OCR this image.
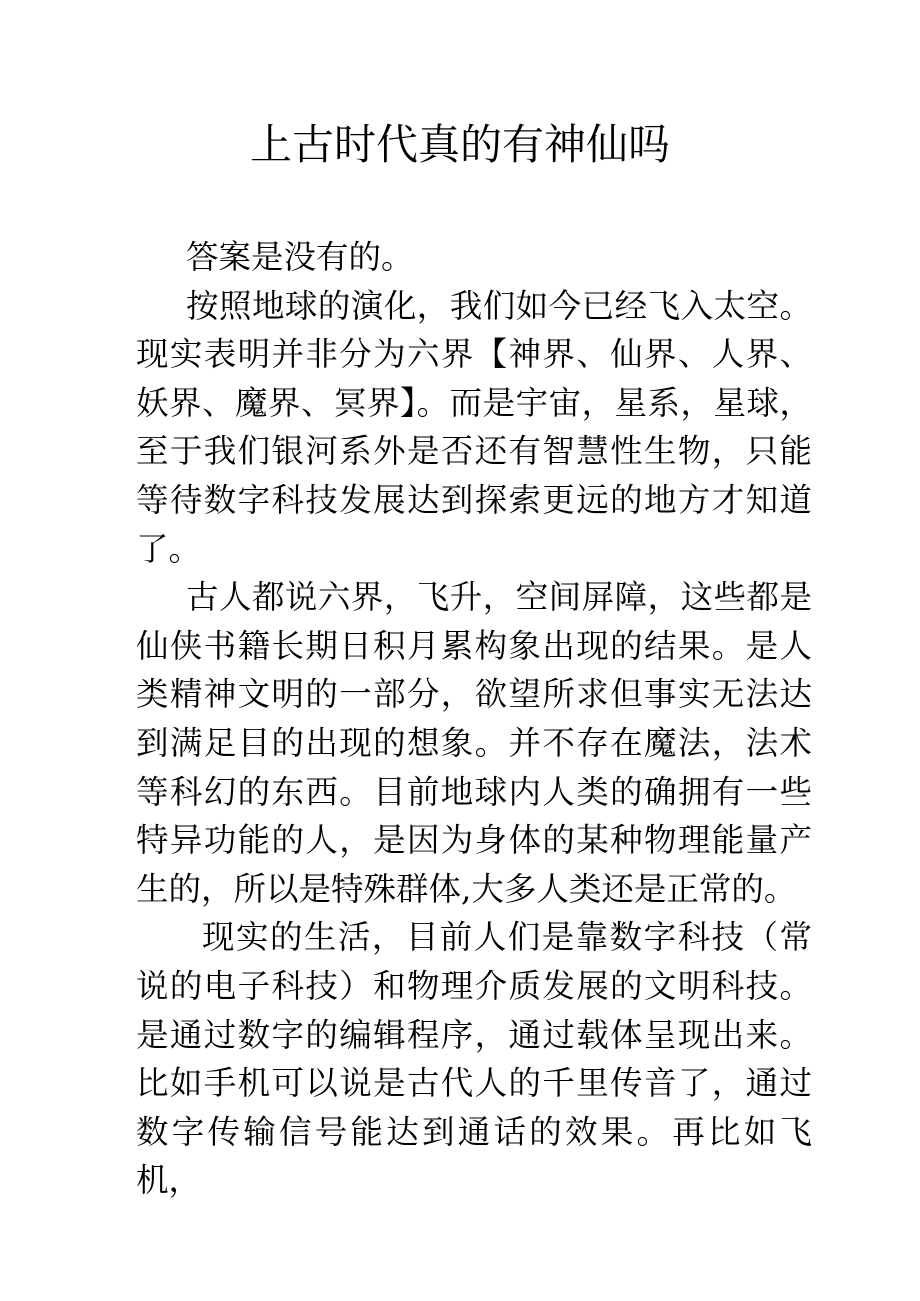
上古时代真的有神仙吗

答案是没有的。

按照地球的演化，我们如今已经飞入太空。现实表明并非分为六界【神界、仙界、人界、妖界、魔界、冥界】。而是宇宙，星系，星球，至于我们银河系外是否还有智慧性生物，只能等待数字科技发展达到探索更远的地方才知道了。

古人都说六界，飞升，空间屏障，这些都是仙侠书籍长期日积月累构象出现的结果。是人类精神文明的一部分，欲望所求但事实无法达到满足目的出现的想象。并不存在魔法，法术等科幻的东西。目前地球内人类的确拥有一些特异功能的人，是因为身体的某种物理能量产生的，所以是特殊群体,大多人类还是正常的。

现实的生活，目前人们是靠数字科技（常说的电子科技）和物理介质发展的文明科技。是通过数字的编辑程序，通过载体呈现出来。比如手机可以说是古代人的千里传音了，通过数字传输信号能达到通话的效果。再比如飞机，
